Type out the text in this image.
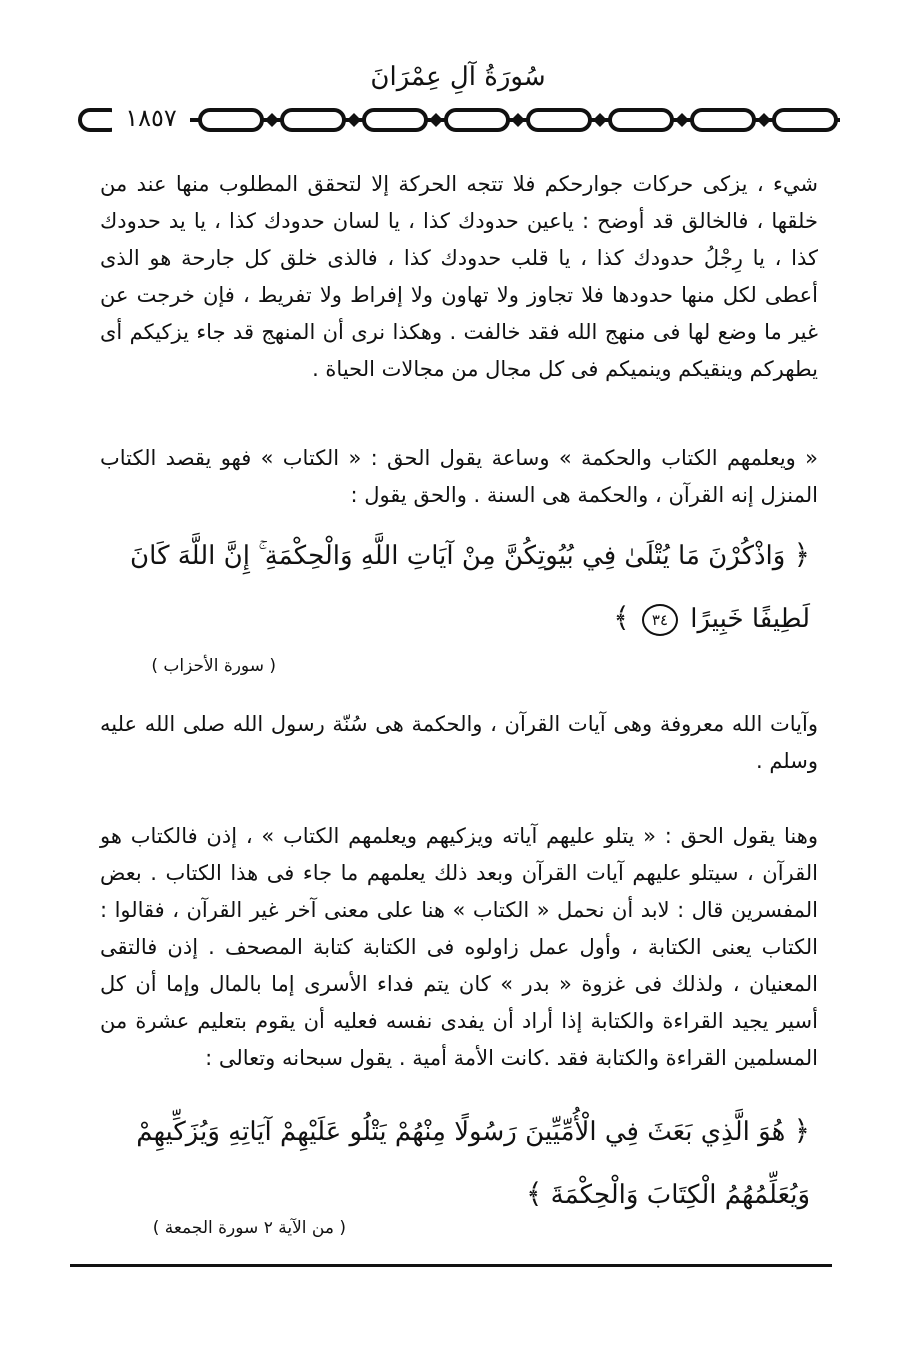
سُورَةُ آلِ عِمْرَانَ
١٨٥٧

شيء ، يزكى حركات جوارحكم فلا تتجه الحركة إلا لتحقق المطلوب منها عند من خلقها ، فالخالق قد أوضح : ياعين حدودك كذا ، يا لسان حدودك كذا ، يا يد حدودك كذا ، يا رِجْلُ حدودك كذا ، يا قلب حدودك كذا ، فالذى خلق كل جارحة هو الذى أعطى لكل منها حدودها فلا تجاوز ولا تهاون ولا إفراط ولا تفريط ، فإن خرجت عن غير ما وضع لها فى منهج الله فقد خالفت . وهكذا نرى أن المنهج قد جاء يزكيكم أى يطهركم وينقيكم وينميكم فى كل مجال من مجالات الحياة .

« ويعلمهم الكتاب والحكمة » وساعة يقول الحق : « الكتاب » فهو يقصد الكتاب المنزل إنه القرآن ، والحكمة هى السنة . والحق يقول :

﴿ وَاذْكُرْنَ مَا يُتْلَىٰ فِي بُيُوتِكُنَّ مِنْ آيَاتِ اللَّهِ وَالْحِكْمَةِ ۚ إِنَّ اللَّهَ كَانَ لَطِيفًا خَبِيرًا ٣٤ ﴾
( سورة الأحزاب )

وآيات الله معروفة وهى آيات القرآن ، والحكمة هى سُنّة رسول الله صلى الله عليه وسلم .

وهنا يقول الحق : « يتلو عليهم آياته ويزكيهم ويعلمهم الكتاب » ، إذن فالكتاب هو القرآن ، سيتلو عليهم آيات القرآن وبعد ذلك يعلمهم ما جاء فى هذا الكتاب . بعض المفسرين قال : لابد أن نحمل « الكتاب » هنا على معنى آخر غير القرآن ، فقالوا : الكتاب يعنى الكتابة ، وأول عمل زاولوه فى الكتابة كتابة المصحف . إذن فالتقى المعنيان ، ولذلك فى غزوة « بدر » كان يتم فداء الأسرى إما بالمال وإما أن كل أسير يجيد القراءة والكتابة إذا أراد أن يفدى نفسه فعليه أن يقوم بتعليم عشرة من المسلمين القراءة والكتابة فقد .كانت الأمة أمية . يقول سبحانه وتعالى :

﴿ هُوَ الَّذِي بَعَثَ فِي الْأُمِّيِّينَ رَسُولًا مِنْهُمْ يَتْلُو عَلَيْهِمْ آيَاتِهِ وَيُزَكِّيهِمْ وَيُعَلِّمُهُمُ الْكِتَابَ وَالْحِكْمَةَ ﴾
( من الآية ٢ سورة الجمعة )
